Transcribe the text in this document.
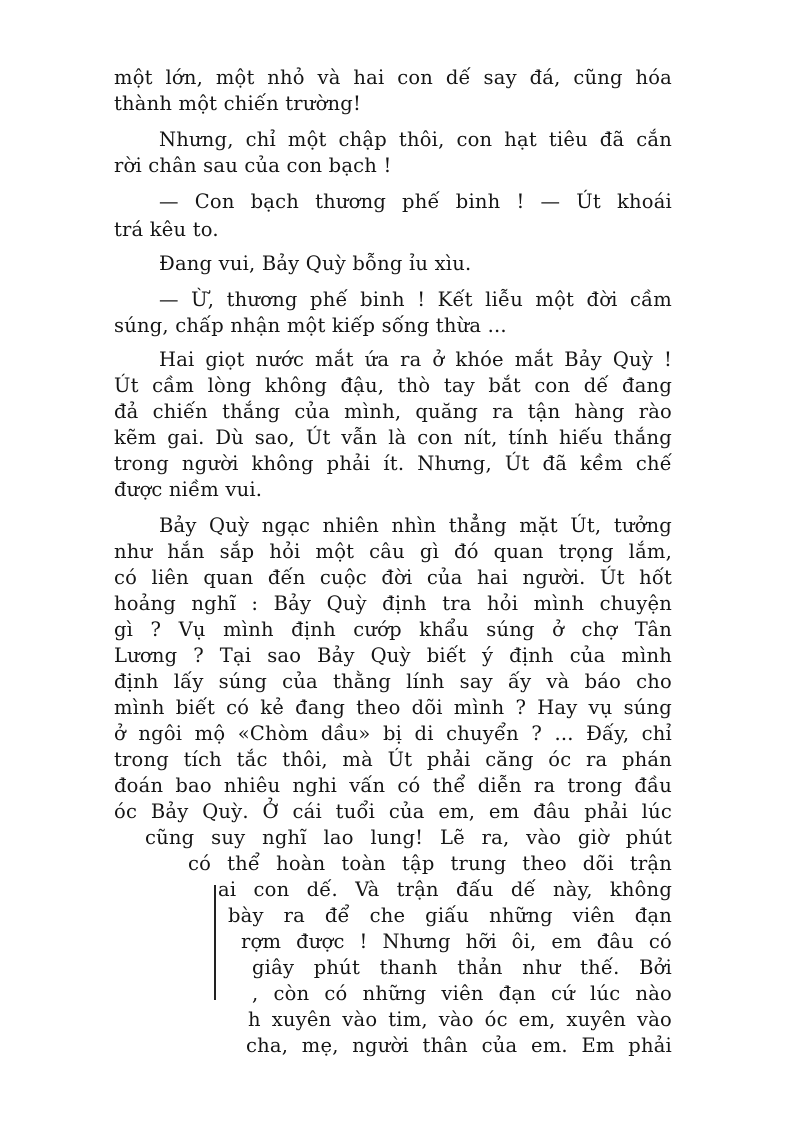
một lớn, một nhỏ và hai con dế say đá, cũng hóa
thành một chiến trường!
Nhưng, chỉ một chập thôi, con hạt tiêu đã cắn
rời chân sau của con bạch !
— Con bạch thương phế binh ! — Út khoái
trá kêu to.
Đang vui, Bảy Quỳ bỗng ỉu xìu.
— Ừ, thương phế binh ! Kết liễu một đời cầm
súng, chấp nhận một kiếp sống thừa ...
Hai giọt nước mắt ứa ra ở khóe mắt Bảy Quỳ !
Út cầm lòng không đậu, thò tay bắt con dế đang
đả chiến thắng của mình, quăng ra tận hàng rào
kẽm gai. Dù sao, Út vẫn là con nít, tính hiếu thắng
trong người không phải ít. Nhưng, Út đã kềm chế
được niềm vui.
Bảy Quỳ ngạc nhiên nhìn thẳng mặt Út, tưởng
như hắn sắp hỏi một câu gì đó quan trọng lắm,
có liên quan đến cuộc đời của hai người. Út hốt
hoảng nghĩ : Bảy Quỳ định tra hỏi mình chuyện
gì ? Vụ mình định cướp khẩu súng ở chợ Tân
Lương ? Tại sao Bảy Quỳ biết ý định của mình
định lấy súng của thằng lính say ấy và báo cho
mình biết có kẻ đang theo dõi mình ? Hay vụ súng
ở ngôi mộ «Chòm dầu» bị di chuyển ? ... Đấy, chỉ
trong tích tắc thôi, mà Út phải căng óc ra phán
đoán bao nhiêu nghi vấn có thể diễn ra trong đầu
óc Bảy Quỳ. Ở cái tuổi của em, em đâu phải lúc
cũng suy nghĩ lao lung! Lẽ ra, vào giờ phút
có thể hoàn toàn tập trung theo dõi trận
ai con dế. Và trận đấu dế này, không
bày ra để che giấu những viên đạn
rợm được ! Nhưng hỡi ôi, em đâu có
giây phút thanh thản như thế. Bởi
, còn có những viên đạn cứ lúc nào
h xuyên vào tim, vào óc em, xuyên vào
cha, mẹ, người thân của em. Em phải
